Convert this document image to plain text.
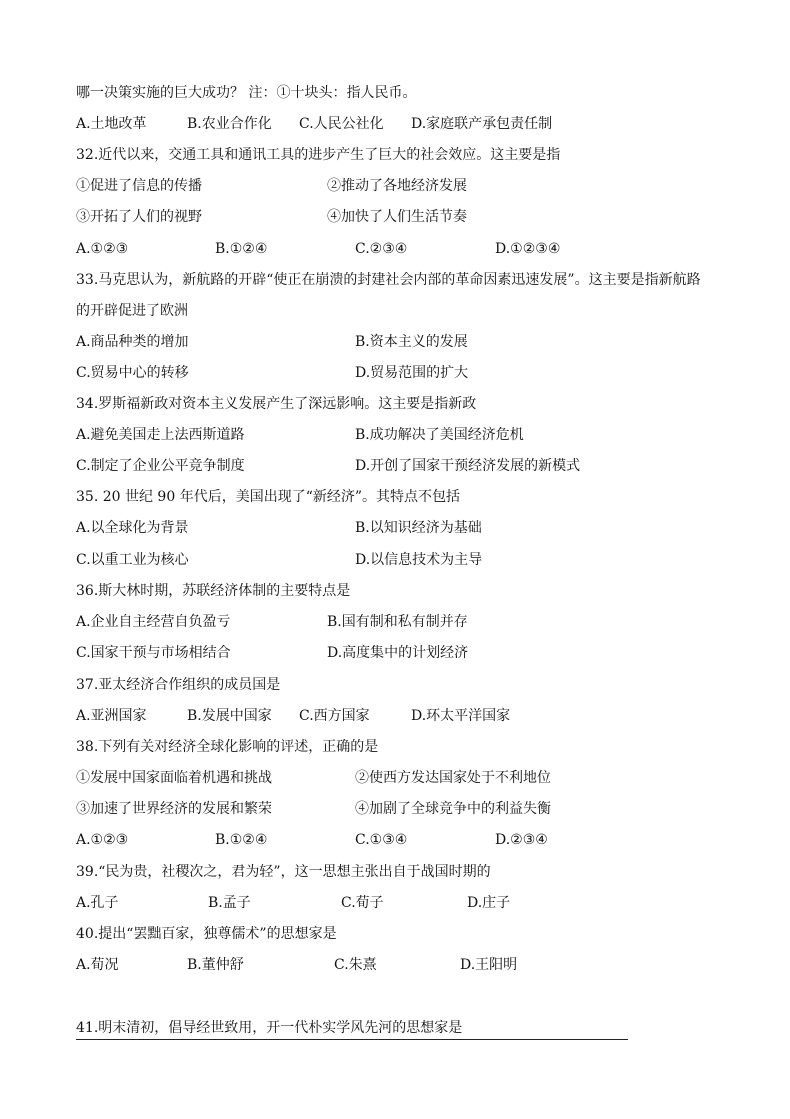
哪一决策实施的巨大成功？ 注：①十块头：指人民币。
A.土地改革	B.农业合作化 C.人民公社化 D.家庭联产承包责任制
32.近代以来，交通工具和通讯工具的进步产生了巨大的社会效应。这主要是指
①促进了信息的传播	②推动了各地经济发展
③开拓了人们的视野	④加快了人们生活节奏
A.①②③	B.①②④	C.②③④	D.①②③④
33.马克思认为，新航路的开辟“使正在崩溃的封建社会内部的革命因素迅速发展”。这主要是指新航路
的开辟促进了欧洲
A.商品种类的增加	B.资本主义的发展
C.贸易中心的转移	D.贸易范围的扩大
34.罗斯福新政对资本主义发展产生了深远影响。这主要是指新政
A.避免美国走上法西斯道路	B.成功解决了美国经济危机
C.制定了企业公平竞争制度	D.开创了国家干预经济发展的新模式
35. 20 世纪 90 年代后，美国出现了“新经济”。其特点不包括
A.以全球化为背景	B.以知识经济为基础
C.以重工业为核心	D.以信息技术为主导
36.斯大林时期，苏联经济体制的主要特点是
A.企业自主经营自负盈亏	B.国有制和私有制并存
C.国家干预与市场相结合	D.高度集中的计划经济
37.亚太经济合作组织的成员国是
A.亚洲国家	B.发展中国家 C.西方国家	D.环太平洋国家
38.下列有关对经济全球化影响的评述，正确的是
①发展中国家面临着机遇和挑战	②使西方发达国家处于不利地位
③加速了世界经济的发展和繁荣	④加剧了全球竞争中的利益失衡
A.①②③	B.①②④	C.①③④	D.②③④
39.“民为贵，社稷次之，君为轻”，这一思想主张出自于战国时期的
A.孔子	B.孟子	C.荀子	D.庄子
40.提出“罢黜百家，独尊儒术”的思想家是
A.荀况	B.董仲舒	C.朱熹	D.王阳明
41.明末清初，倡导经世致用，开一代朴实学风先河的思想家是
